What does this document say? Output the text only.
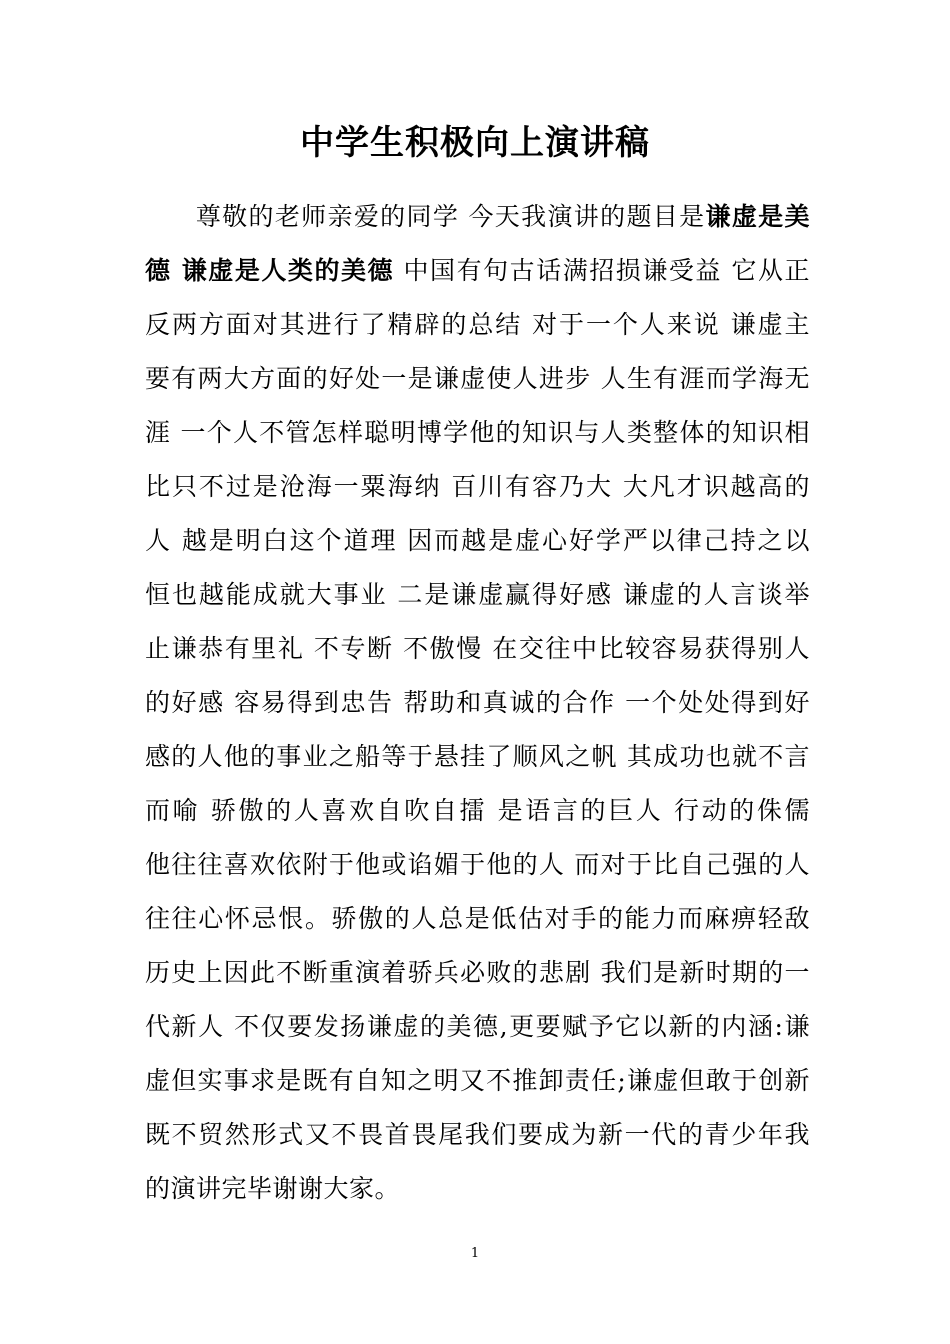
中学生积极向上演讲稿
尊敬的老师亲爱的同学 今天我演讲的题目是谦虚是美
德 谦虚是人类的美德 中国有句古话满招损谦受益 它从正
反两方面对其进行了精辟的总结 对于一个人来说 谦虚主
要有两大方面的好处一是谦虚使人进步 人生有涯而学海无
涯 一个人不管怎样聪明博学他的知识与人类整体的知识相
比只不过是沧海一粟海纳 百川有容乃大 大凡才识越高的
人 越是明白这个道理 因而越是虚心好学严以律己持之以
恒也越能成就大事业 二是谦虚赢得好感 谦虚的人言谈举
止谦恭有里礼 不专断 不傲慢 在交往中比较容易获得别人
的好感 容易得到忠告 帮助和真诚的合作 一个处处得到好
感的人他的事业之船等于悬挂了顺风之帆 其成功也就不言
而喻 骄傲的人喜欢自吹自擂 是语言的巨人 行动的侏儒
他往往喜欢依附于他或谄媚于他的人 而对于比自己强的人
往往心怀忌恨。骄傲的人总是低估对手的能力而麻痹轻敌
历史上因此不断重演着骄兵必败的悲剧 我们是新时期的一
代新人 不仅要发扬谦虚的美德,更要赋予它以新的内涵:谦
虚但实事求是既有自知之明又不推卸责任;谦虚但敢于创新
既不贸然形式又不畏首畏尾我们要成为新一代的青少年我
的演讲完毕谢谢大家。
1
